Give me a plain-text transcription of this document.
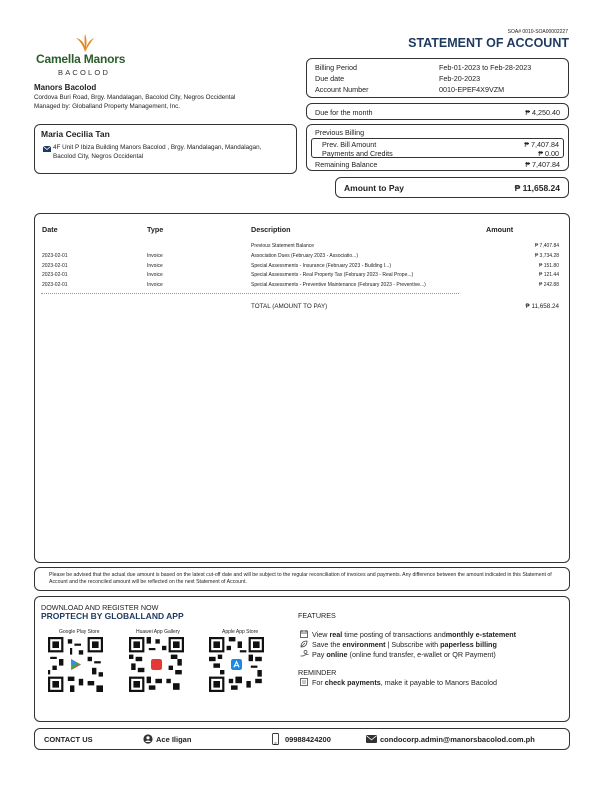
SOA# 0010-SOA00002227
STATEMENT OF ACCOUNT
Camella Manors
BACOLOD
Manors Bacolod
Cordova Buri Road, Brgy. Mandalagan, Bacolod City, Negros Occidental
Managed by: Globalland Property Management, Inc.
Billing Period	Feb-01-2023 to Feb-28-2023
Due date	Feb-20-2023
Account Number	0010-EPEF4X9VZM
Due for the month	₱ 4,250.40
Maria Cecilia Tan
4F Unit P Ibiza Building Manors Bacolod , Brgy. Mandalagan, Mandalagan, Bacolod City, Negros Occidental
Previous Billing
Prev. Bill Amount	₱ 7,407.84
Payments and Credits	₱ 0.00
Remaining Balance	₱ 7,407.84
Amount to Pay	₱ 11,658.24
Date	Type	Description	Amount
Previous Statement Balance	₱ 7,407.84
2023-02-01	Invoice	Association Dues (February 2023 - Associatio...)	₱ 3,734.28
2023-02-01	Invoice	Special Assessments - Insurance (February 2023 - Building I...)	₱ 151.80
2023-02-01	Invoice	Special Assessments - Real Property Tax (February 2023 - Real Prope...)	₱ 121.44
2023-02-01	Invoice	Special Assessments - Preventive Maintenance (February 2023 - Preventive...)	₱ 242.88
TOTAL (AMOUNT TO PAY)	₱ 11,658.24
Please be advised that the actual due amount is based on the latest cut-off date and will be subject to the regular reconciliation of invoices and payments. Any difference between the amount indicated in this Statement of Account and the reconciled amount will be reflected on the next Statement of Account.
DOWNLOAD AND REGISTER NOW
PROPTECH BY GLOBALLAND APP
Google Play Store	Huawei App Gallery	Apple App Store
FEATURES
View real time posting of transactions andmonthly e-statement
Save the environment | Subscribe with paperless billing
Pay online (online fund transfer, e-wallet or QR Payment)
REMINDER
For check payments, make it payable to Manors Bacolod
CONTACT US	Ace Iligan	09988424200	condocorp.admin@manorsbacolod.com.ph
